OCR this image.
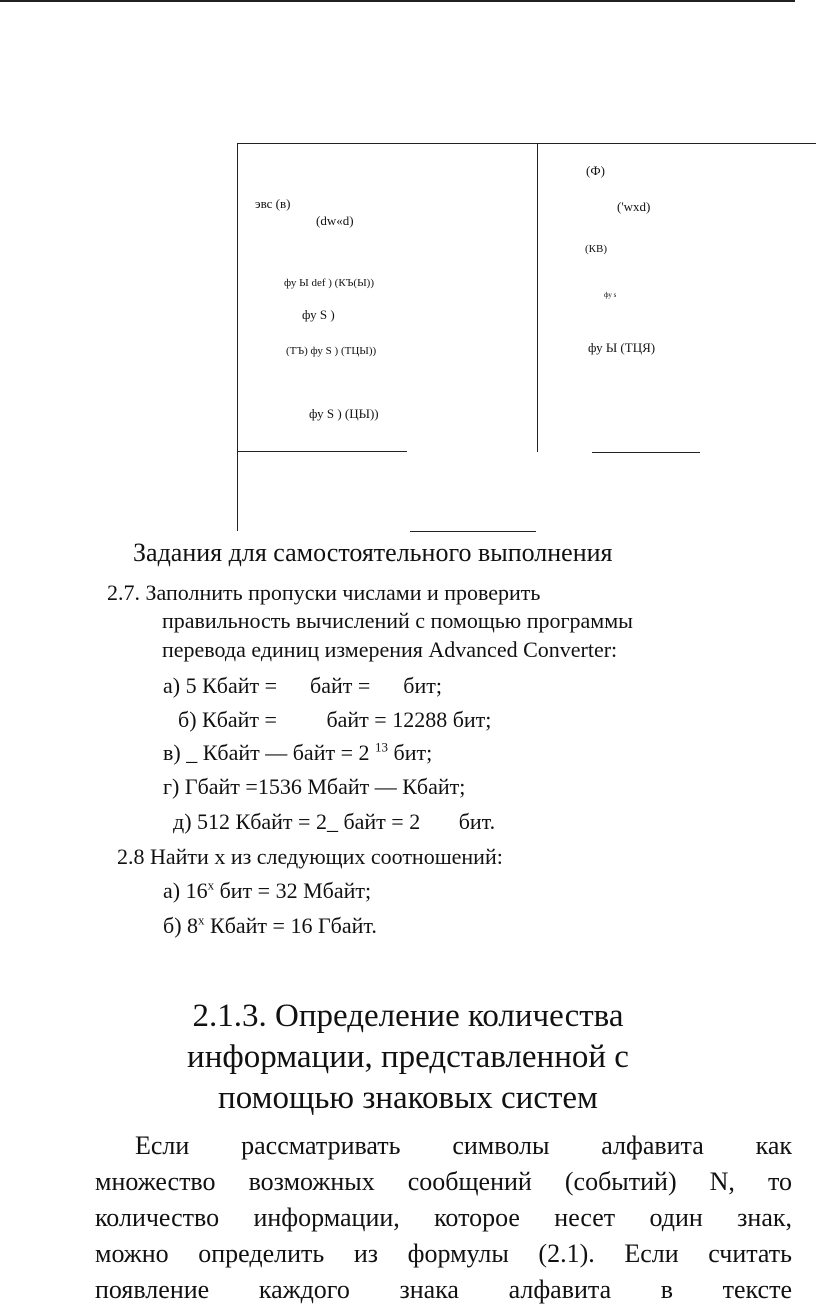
эвс (в)
(dw«d)
фу Ы def ) (КЪ(Ы))
фу S )
(ТЪ) фу S ) (ТЦЫ))
фу S ) (ЦЫ))
(Ф)
('wxd)
(КВ)
фу s
фу Ы (ТЦЯ)
Задания для самостоятельного выполнения
2.7. Заполнить пропуски числами и проверить
правильность вычислений с помощью программы
перевода единиц измерения Advanced Converter:
а) 5 Кбайт =      байт =      бит;
б) Кбайт =         байт = 12288 бит;
в) _ Кбайт — байт = 2 $^{13}$ бит;
г) Гбайт =1536 Мбайт — Кбайт;
д) 512 Кбайт = 2_ байт = 2       бит.
2.8 Найти х из следующих соотношений:
а) $16^х$ бит = 32 Мбайт;
б) $8^х$ Кбайт = 16 Гбайт.
2.1.3. Определение количества
информации, представленной с
помощью знаковых систем
Если рассматривать символы алфавита как
множество возможных сообщений (событий) N, то
количество информации, которое несет один знак,
можно определить из формулы (2.1). Если считать
появление каждого знака алфавита в тексте
